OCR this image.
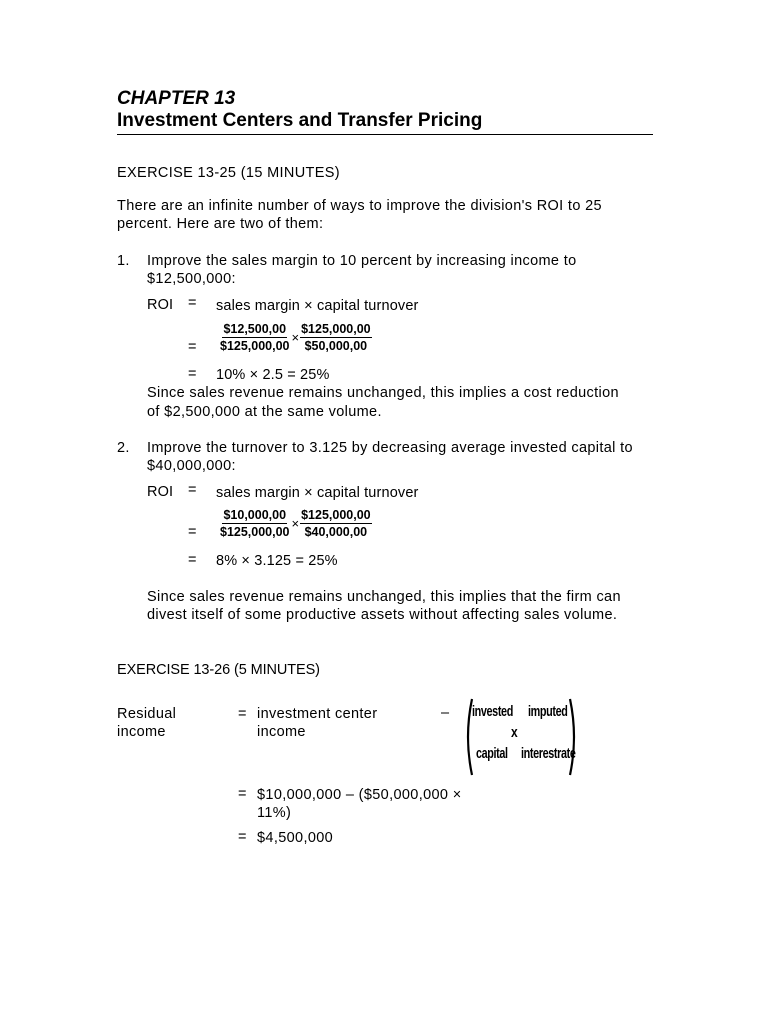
CHAPTER 13
Investment Centers and Transfer Pricing
EXERCISE 13-25 (15 MINUTES)
There are an infinite number of ways to improve the division's ROI to 25
percent. Here are two of them:
1. Improve the sales margin to 10 percent by increasing income to
$12,500,000:
ROI = sales margin × capital turnover
= $\frac{\$12,500,00}{\$125,000,00} \times \frac{\$125,000,00}{\$50,000,00}$
= 10% × 2.5 = 25%
Since sales revenue remains unchanged, this implies a cost reduction
of $2,500,000 at the same volume.
2. Improve the turnover to 3.125 by decreasing average invested capital to
$40,000,000:
ROI = sales margin × capital turnover
= $\frac{\$10,000,00}{\$125,000,00} \times \frac{\$125,000,00}{\$40,000,00}$
= 8% × 3.125 = 25%
Since sales revenue remains unchanged, this implies that the firm can
divest itself of some productive assets without affecting sales volume.
EXERCISE 13-26 (5 MINUTES)
Residual
income
= investment center
income
– invested imputed
x
capital interestrate
= $10,000,000 – ($50,000,000 ×
11%)
= $4,500,000
